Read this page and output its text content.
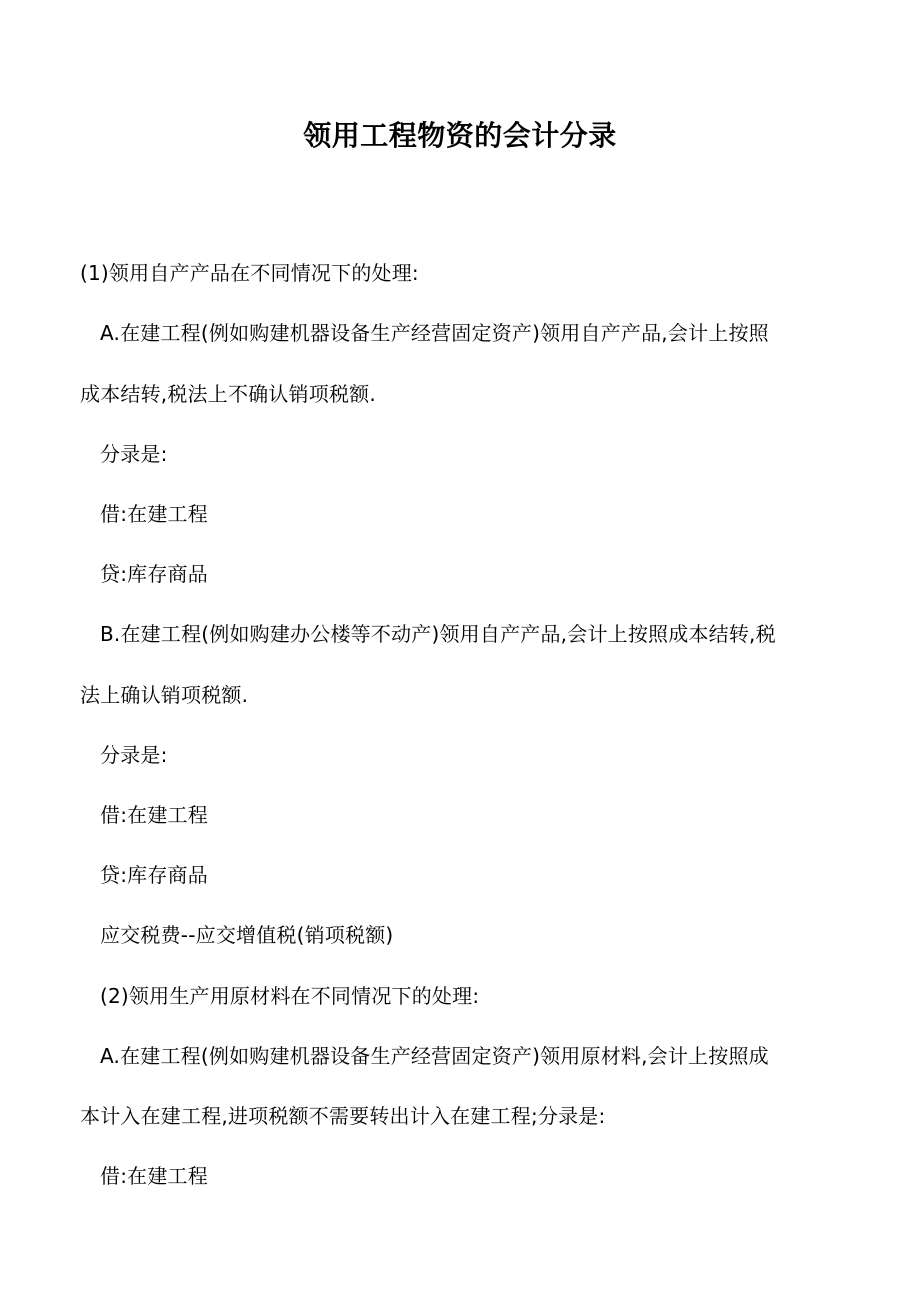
领用工程物资的会计分录
(1)领用自产产品在不同情况下的处理:
A.在建工程(例如购建机器设备生产经营固定资产)领用自产产品,会计上按照
成本结转,税法上不确认销项税额.
分录是:
借:在建工程
贷:库存商品
B.在建工程(例如购建办公楼等不动产)领用自产产品,会计上按照成本结转,税
法上确认销项税额.
分录是:
借:在建工程
贷:库存商品
应交税费--应交增值税(销项税额)
(2)领用生产用原材料在不同情况下的处理:
A.在建工程(例如购建机器设备生产经营固定资产)领用原材料,会计上按照成
本计入在建工程,进项税额不需要转出计入在建工程;分录是:
借:在建工程
